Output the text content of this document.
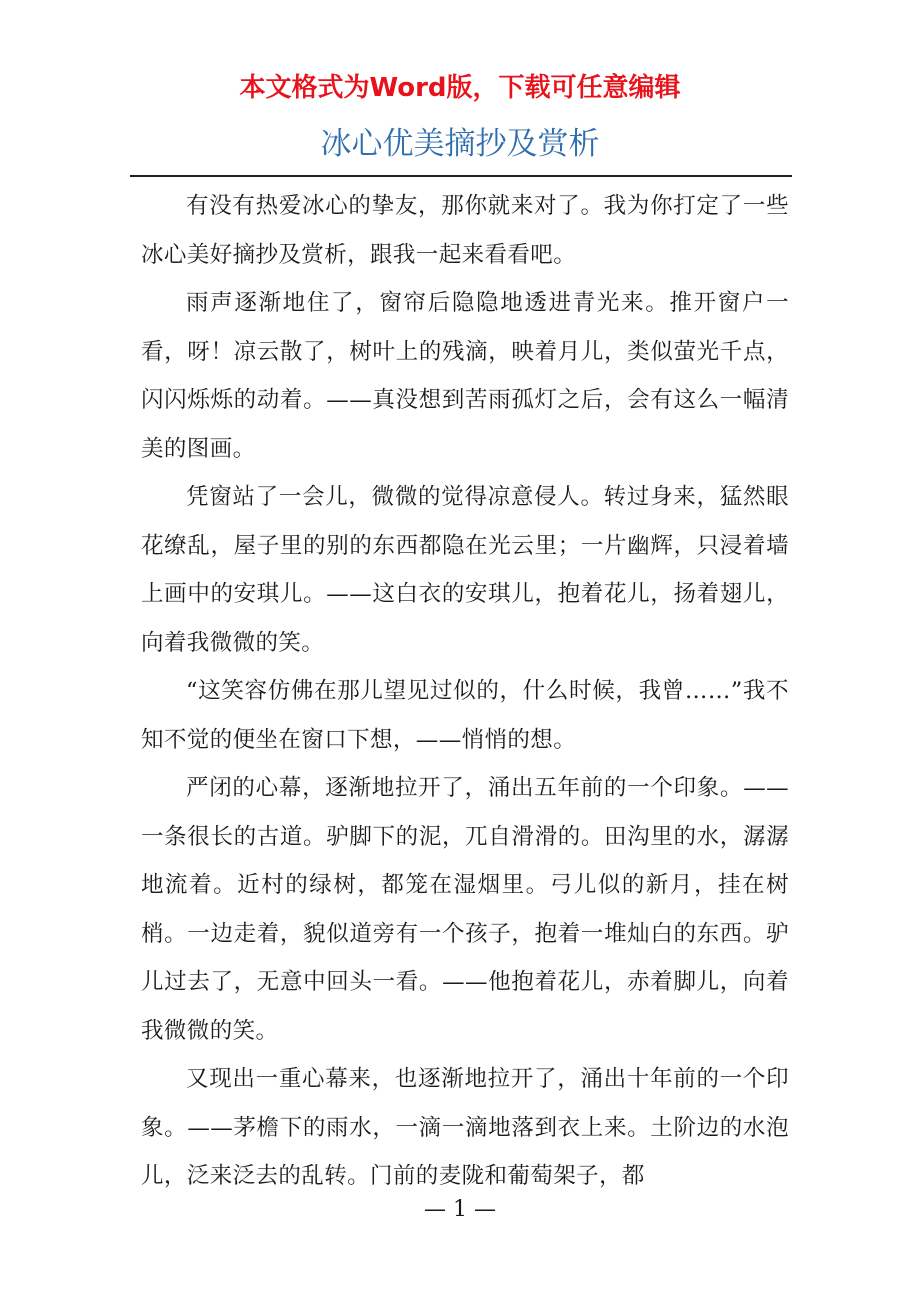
本文格式为Word版，下载可任意编辑
冰心优美摘抄及赏析

有没有热爱冰心的挚友，那你就来对了。我为你打定了一些冰心美好摘抄及赏析，跟我一起来看看吧。

雨声逐渐地住了，窗帘后隐隐地透进青光来。推开窗户一看，呀！凉云散了，树叶上的残滴，映着月儿，类似萤光千点，闪闪烁烁的动着。——真没想到苦雨孤灯之后，会有这么一幅清美的图画。

凭窗站了一会儿，微微的觉得凉意侵人。转过身来，猛然眼花缭乱，屋子里的别的东西都隐在光云里；一片幽辉，只浸着墙上画中的安琪儿。——这白衣的安琪儿，抱着花儿，扬着翅儿，向着我微微的笑。

“这笑容仿佛在那儿望见过似的，什么时候，我曾……”我不知不觉的便坐在窗口下想，——悄悄的想。

严闭的心幕，逐渐地拉开了，涌出五年前的一个印象。——一条很长的古道。驴脚下的泥，兀自滑滑的。田沟里的水，潺潺地流着。近村的绿树，都笼在湿烟里。弓儿似的新月，挂在树梢。一边走着，貌似道旁有一个孩子，抱着一堆灿白的东西。驴儿过去了，无意中回头一看。——他抱着花儿，赤着脚儿，向着我微微的笑。

又现出一重心幕来，也逐渐地拉开了，涌出十年前的一个印象。——茅檐下的雨水，一滴一滴地落到衣上来。土阶边的水泡儿，泛来泛去的乱转。门前的麦陇和葡萄架子，都

— 1 —
